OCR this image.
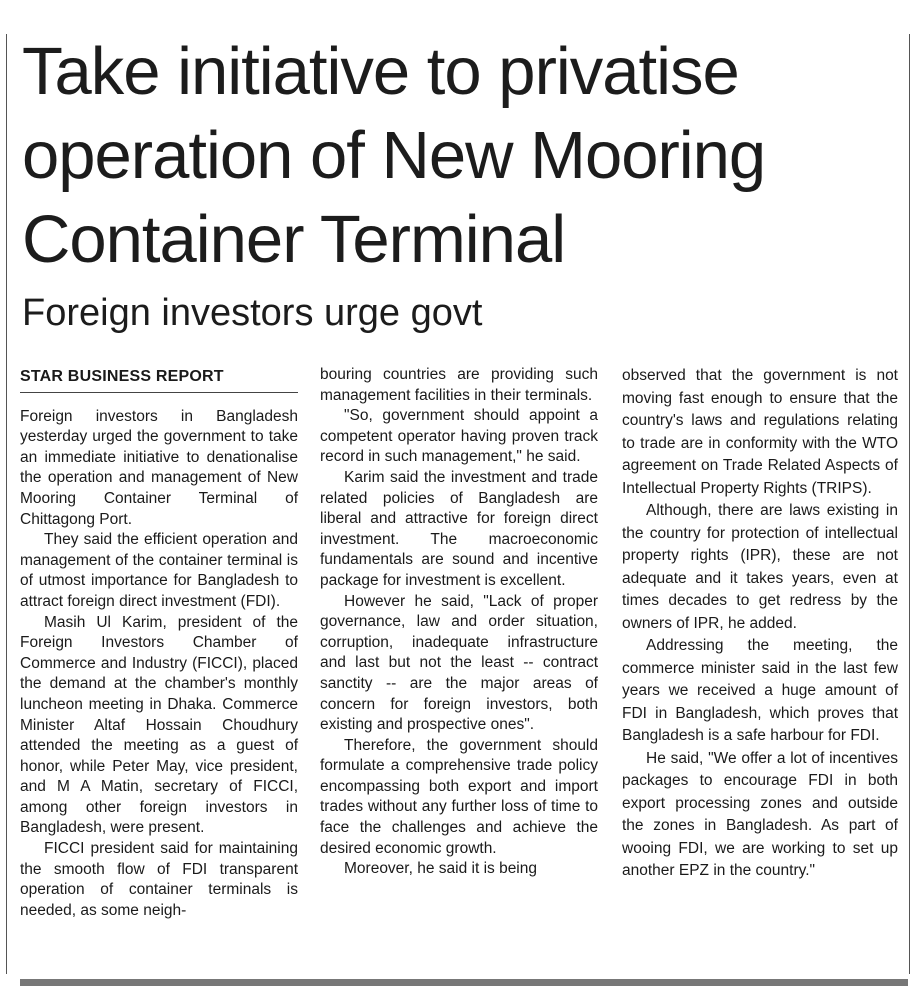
Take initiative to privatise operation of New Mooring Container Terminal
Foreign investors urge govt
STAR BUSINESS REPORT

Foreign investors in Bangladesh yesterday urged the government to take an immediate initiative to denationalise the operation and management of New Mooring Container Terminal of Chittagong Port.

They said the efficient operation and management of the container terminal is of utmost importance for Bangladesh to attract foreign direct investment (FDI).

Masih Ul Karim, president of the Foreign Investors Chamber of Commerce and Industry (FICCI), placed the demand at the chamber's monthly luncheon meeting in Dhaka. Commerce Minister Altaf Hossain Choudhury attended the meeting as a guest of honor, while Peter May, vice president, and M A Matin, secretary of FICCI, among other foreign investors in Bangladesh, were present.

FICCI president said for maintaining the smooth flow of FDI transparent operation of container terminals is needed, as some neigh-

bouring countries are providing such management facilities in their terminals.

"So, government should appoint a competent operator having proven track record in such management," he said.

Karim said the investment and trade related policies of Bangladesh are liberal and attractive for foreign direct investment. The macroeconomic fundamentals are sound and incentive package for investment is excellent.

However he said, "Lack of proper governance, law and order situation, corruption, inadequate infrastructure and last but not the least -- contract sanctity -- are the major areas of concern for foreign investors, both existing and prospective ones".

Therefore, the government should formulate a comprehensive trade policy encompassing both export and import trades without any further loss of time to face the challenges and achieve the desired economic growth.

Moreover, he said it is being

observed that the government is not moving fast enough to ensure that the country's laws and regulations relating to trade are in conformity with the WTO agreement on Trade Related Aspects of Intellectual Property Rights (TRIPS).

Although, there are laws existing in the country for protection of intellectual property rights (IPR), these are not adequate and it takes years, even at times decades to get redress by the owners of IPR, he added.

Addressing the meeting, the commerce minister said in the last few years we received a huge amount of FDI in Bangladesh, which proves that Bangladesh is a safe harbour for FDI.

He said, "We offer a lot of incentives packages to encourage FDI in both export processing zones and outside the zones in Bangladesh. As part of wooing FDI, we are working to set up another EPZ in the country."
